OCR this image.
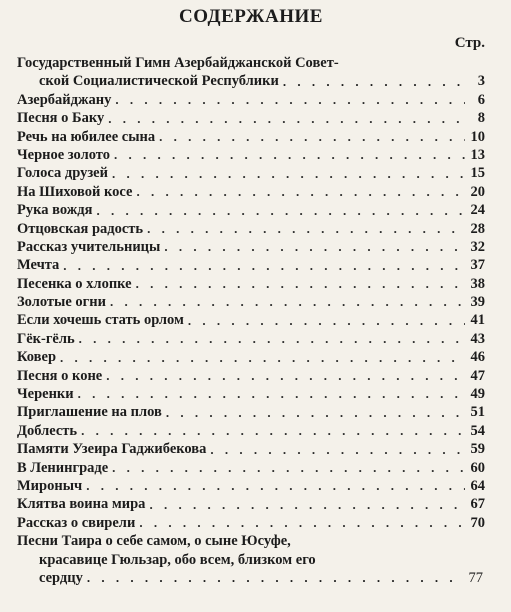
СОДЕРЖАНИЕ
Стр.
Государственный Гимн Азербайджанской Совет-
ской Социалистической Республики . . .	3
Азербайджану . . .	6
Песня о Баку . . .	8
Речь на юбилее сына . . .	10
Черное золото . . .	13
Голоса друзей . . .	15
На Шиховой косе . . .	20
Рука вождя . . .	24
Отцовская радость . . .	28
Рассказ учительницы . . .	32
Мечта . . .	37
Песенка о хлопке . . .	38
Золотые огни . . .	39
Если хочешь стать орлом . . .	41
Гёк-гёль . . .	43
Ковер . . .	46
Песня о коне . . .	47
Черенки . . .	49
Приглашение на плов . . .	51
Доблесть . . .	54
Памяти Узеира Гаджибекова . . .	59
В Ленинграде . . .	60
Мироныч . . .	64
Клятва воина мира . . .	67
Рассказ о свирели . . .	70
Песни Таира о себе самом, о сыне Юсуфе,
красавице Гюльзар, обо всем, близком его
сердцу . . .	77
